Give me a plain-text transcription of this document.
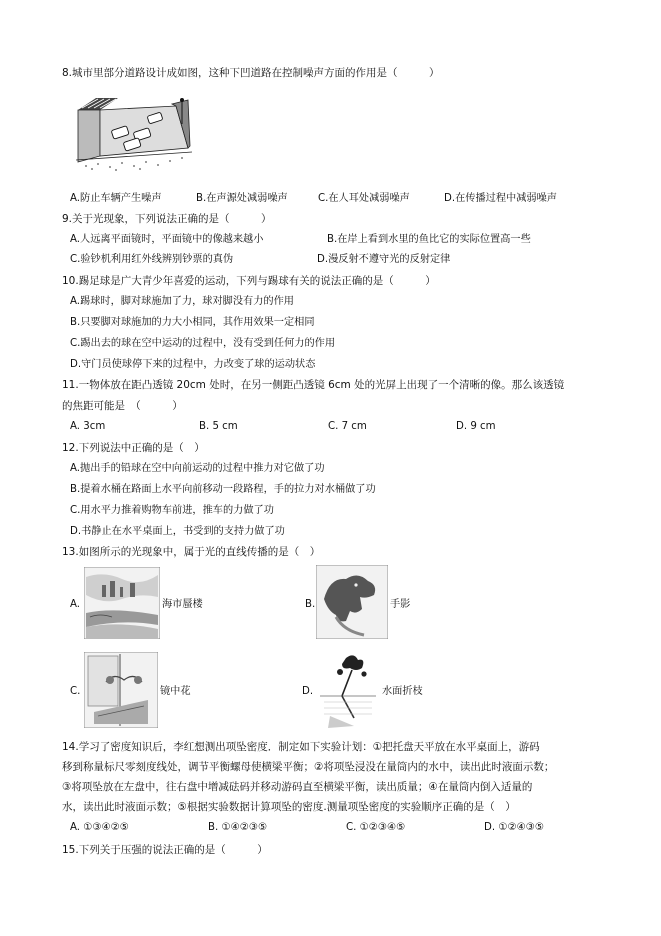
8.城市里部分道路设计成如图，这种下凹道路在控制噪声方面的作用是（　　　）
A.防止车辆产生噪声	B.在声源处减弱噪声	C.在人耳处减弱噪声	D.在传播过程中减弱噪声
9.关于光现象，下列说法正确的是（　　　）
A.人远离平面镜时，平面镜中的像越来越小	B.在岸上看到水里的鱼比它的实际位置高一些
C.验钞机利用红外线辨别钞票的真伪	D.漫反射不遵守光的反射定律
10.踢足球是广大青少年喜爱的运动，下列与踢球有关的说法正确的是（　　　）
A.踢球时，脚对球施加了力，球对脚没有力的作用
B.只要脚对球施加的力大小相同，其作用效果一定相同
C.踢出去的球在空中运动的过程中，没有受到任何力的作用
D.守门员使球停下来的过程中，力改变了球的运动状态
11.一物体放在距凸透镜 20cm 处时，在另一侧距凸透镜 6cm 处的光屏上出现了一个清晰的像。那么该透镜
的焦距可能是　（　　　）
A. 3cm	B. 5 cm	C. 7 cm	D. 9 cm
12.下列说法中正确的是（　）
A.抛出手的铅球在空中向前运动的过程中推力对它做了功
B.提着水桶在路面上水平向前移动一段路程，手的拉力对水桶做了功
C.用水平力推着购物车前进，推车的力做了功
D.书静止在水平桌面上，书受到的支持力做了功
13.如图所示的光现象中，属于光的直线传播的是（　）
A.	海市蜃楼	B.	手影
C.	镜中花	D.	水面折枝
14.学习了密度知识后，李红想测出项坠密度．制定如下实验计划：①把托盘天平放在水平桌面上，游码
移到称量标尺零刻度线处，调节平衡螺母使横梁平衡；②将项坠浸没在量筒内的水中，读出此时液面示数；
③将项坠放在左盘中，往右盘中增减砝码并移动游码直至横梁平衡，读出质量；④在量筒内倒入适量的
水，读出此时液面示数；⑤根据实验数据计算项坠的密度.测量项坠密度的实验顺序正确的是（　）
A. ①③④②⑤	B. ①④②③⑤	C. ①②③④⑤	D. ①②④③⑤
15.下列关于压强的说法正确的是（　　　）
